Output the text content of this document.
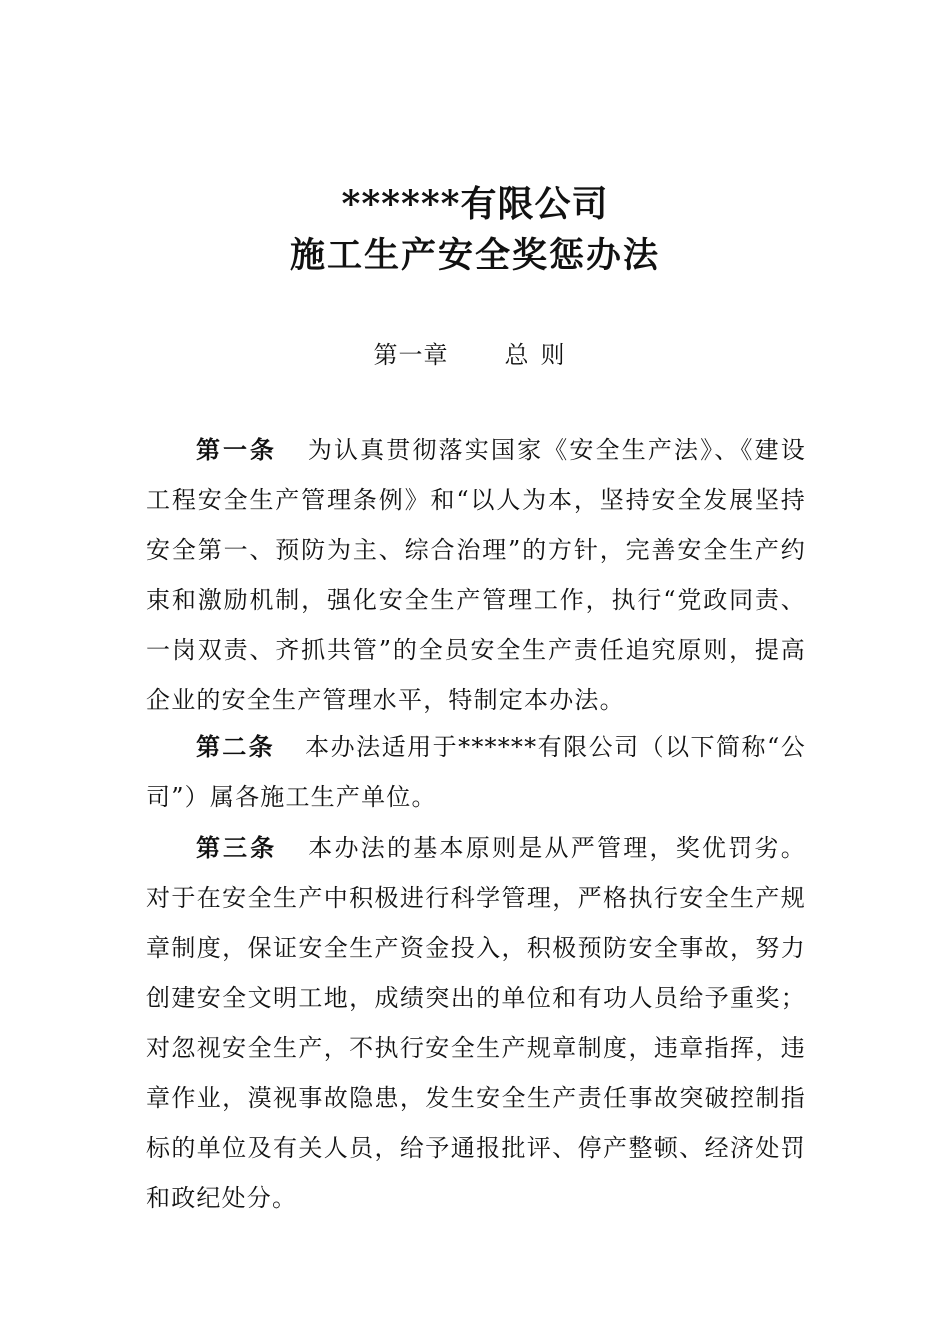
******有限公司
施工生产安全奖惩办法
第一章 总则
第一条 为认真贯彻落实国家《安全生产法》、《建设工程安全生产管理条例》和“以人为本，坚持安全发展坚持安全第一、预防为主、综合治理”的方针，完善安全生产约束和激励机制，强化安全生产管理工作，执行“党政同责、一岗双责、齐抓共管”的全员安全生产责任追究原则，提高企业的安全生产管理水平，特制定本办法。
第二条 本办法适用于******有限公司（以下简称“公司”）属各施工生产单位。
第三条 本办法的基本原则是从严管理，奖优罚劣。对于在安全生产中积极进行科学管理，严格执行安全生产规章制度，保证安全生产资金投入，积极预防安全事故，努力创建安全文明工地，成绩突出的单位和有功人员给予重奖；对忽视安全生产，不执行安全生产规章制度，违章指挥，违章作业，漠视事故隐患，发生安全生产责任事故突破控制指标的单位及有关人员，给予通报批评、停产整顿、经济处罚和政纪处分。
